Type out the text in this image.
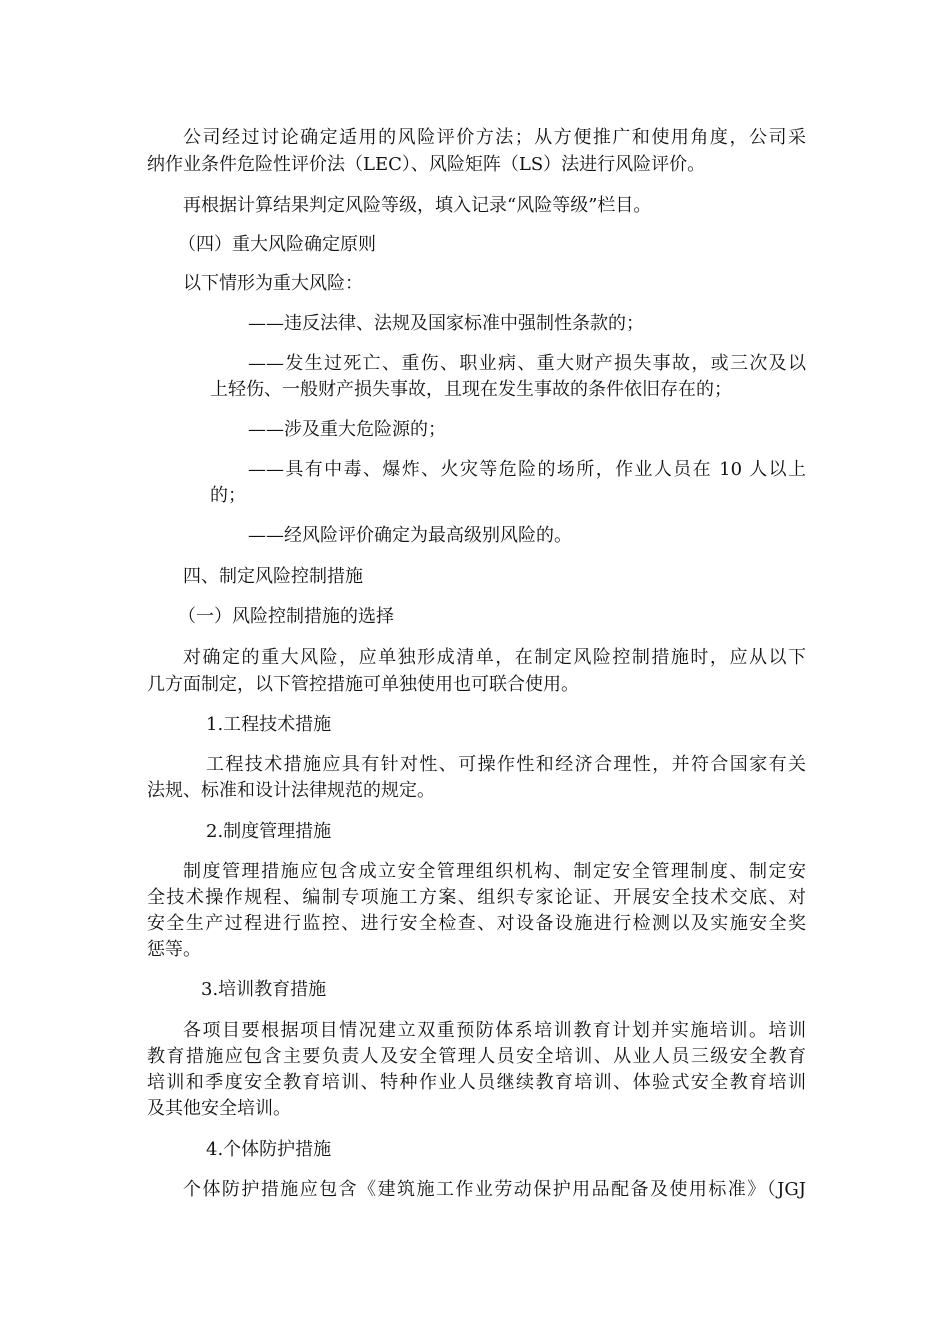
公司经过讨论确定适用的风险评价方法；从方便推广和使用角度，公司采

纳作业条件危险性评价法（LEC）、风险矩阵（LS）法进行风险评价。

再根据计算结果判定风险等级，填入记录“风险等级”栏目。

（四）重大风险确定原则

以下情形为重大风险：

——违反法律、法规及国家标准中强制性条款的；

——发生过死亡、重伤、职业病、重大财产损失事故，或三次及以

上轻伤、一般财产损失事故，且现在发生事故的条件依旧存在的；

——涉及重大危险源的；

——具有中毒、爆炸、火灾等危险的场所，作业人员在 10 人以上

的；

——经风险评价确定为最高级别风险的。

四、制定风险控制措施

（一）风险控制措施的选择

对确定的重大风险，应单独形成清单，在制定风险控制措施时，应从以下

几方面制定，以下管控措施可单独使用也可联合使用。

1.工程技术措施

工程技术措施应具有针对性、可操作性和经济合理性，并符合国家有关

法规、标准和设计法律规范的规定。

2.制度管理措施

制度管理措施应包含成立安全管理组织机构、制定安全管理制度、制定安

全技术操作规程、编制专项施工方案、组织专家论证、开展安全技术交底、对

安全生产过程进行监控、进行安全检查、对设备设施进行检测以及实施安全奖

惩等。

3.培训教育措施

各项目要根据项目情况建立双重预防体系培训教育计划并实施培训。培训

教育措施应包含主要负责人及安全管理人员安全培训、从业人员三级安全教育

培训和季度安全教育培训、特种作业人员继续教育培训、体验式安全教育培训

及其他安全培训。

4.个体防护措施

个体防护措施应包含《建筑施工作业劳动保护用品配备及使用标准》（JGJ
